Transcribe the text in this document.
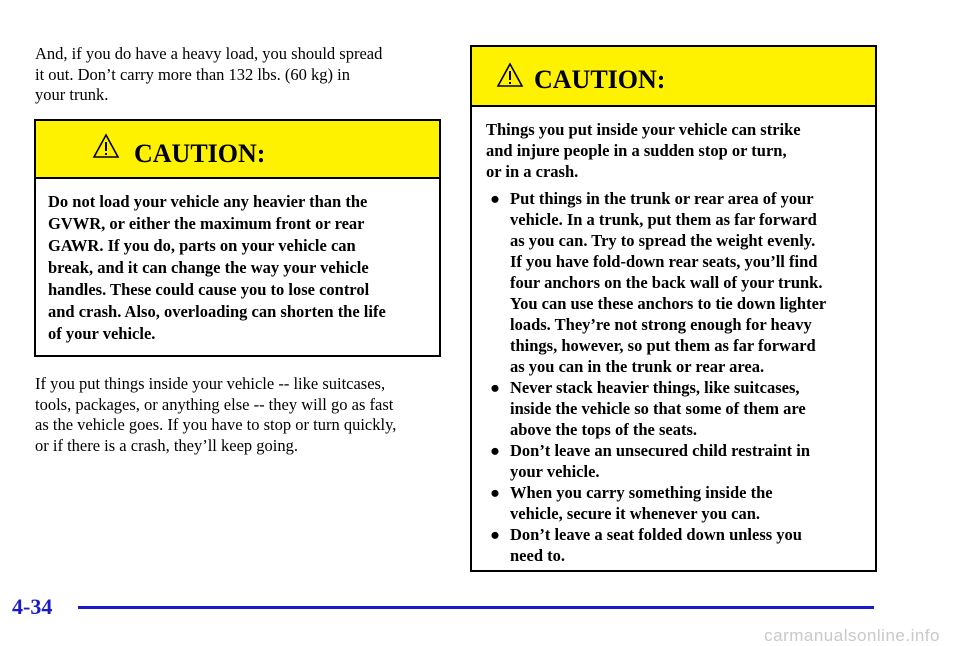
And, if you do have a heavy load, you should spread
it out. Don’t carry more than 132 lbs. (60 kg) in
your trunk.

CAUTION:
Do not load your vehicle any heavier than the
GVWR, or either the maximum front or rear
GAWR. If you do, parts on your vehicle can
break, and it can change the way your vehicle
handles. These could cause you to lose control
and crash. Also, overloading can shorten the life
of your vehicle.

If you put things inside your vehicle -- like suitcases,
tools, packages, or anything else -- they will go as fast
as the vehicle goes. If you have to stop or turn quickly,
or if there is a crash, they’ll keep going.

CAUTION:
Things you put inside your vehicle can strike
and injure people in a sudden stop or turn,
or in a crash.
● Put things in the trunk or rear area of your
vehicle. In a trunk, put them as far forward
as you can. Try to spread the weight evenly.
If you have fold-down rear seats, you’ll find
four anchors on the back wall of your trunk.
You can use these anchors to tie down lighter
loads. They’re not strong enough for heavy
things, however, so put them as far forward
as you can in the trunk or rear area.
● Never stack heavier things, like suitcases,
inside the vehicle so that some of them are
above the tops of the seats.
● Don’t leave an unsecured child restraint in
your vehicle.
● When you carry something inside the
vehicle, secure it whenever you can.
● Don’t leave a seat folded down unless you
need to.
4-34
carmanualsonline.info
